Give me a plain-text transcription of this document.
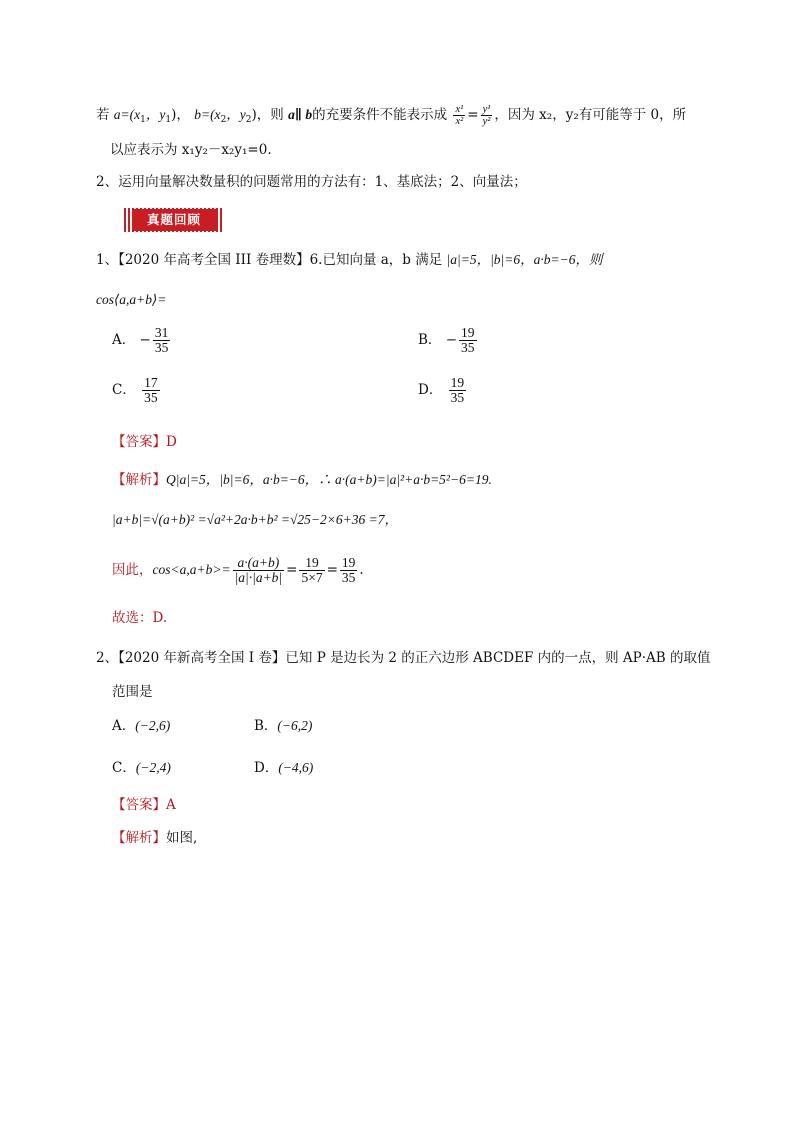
若 $a=(x_1$，$y_1$)， $b=(x_2$，$y_2$)，则 a∥ b的充要条件不能表示成 $\frac{\text{x¹}}{\text{x²}} = \frac{\text{y¹}}{\text{y²}}$ ，因为 x₂，y₂有可能等于 0，所
以应表示为 x₁y₂－x₂y₁=0.
2、运用向量解决数量积的问题常用的方法有：1、基底法；2、向量法；
真题回顾
1、【2020 年高考全国 III 卷理数】6.已知向量 a，b 满足 |a|=5，|b|=6，a·b=−6，则
cos⟨a,a+b⟩=
A． − $\frac{31}{35}$	B． − $\frac{19}{35}$
C． $\frac{17}{35}$	D． $\frac{19}{35}$
【答案】D
【解析】Q|a|=5，|b|=6，a·b=−6，∴ a·(a+b)=|a|²+a·b=5²−6=19.
|a+b|=√(a+b)² =√a²+2a·b+b² =√25−2×6+36 =7，
因此，$\cos<a,a+b>= \frac{a\cdot(a+b)}{|a|\cdot|a+b|} = \frac{19}{5\times 7} = \frac{19}{35}$ .
故选：D.
2、【2020 年新高考全国 I 卷】已知 P 是边长为 2 的正六边形 ABCDEF 内的一点，则 AP·AB 的取值
范围是
A．(−2,6)	B．(−6,2)
C．(−2,4)	D．(−4,6)
【答案】A
【解析】如图,
